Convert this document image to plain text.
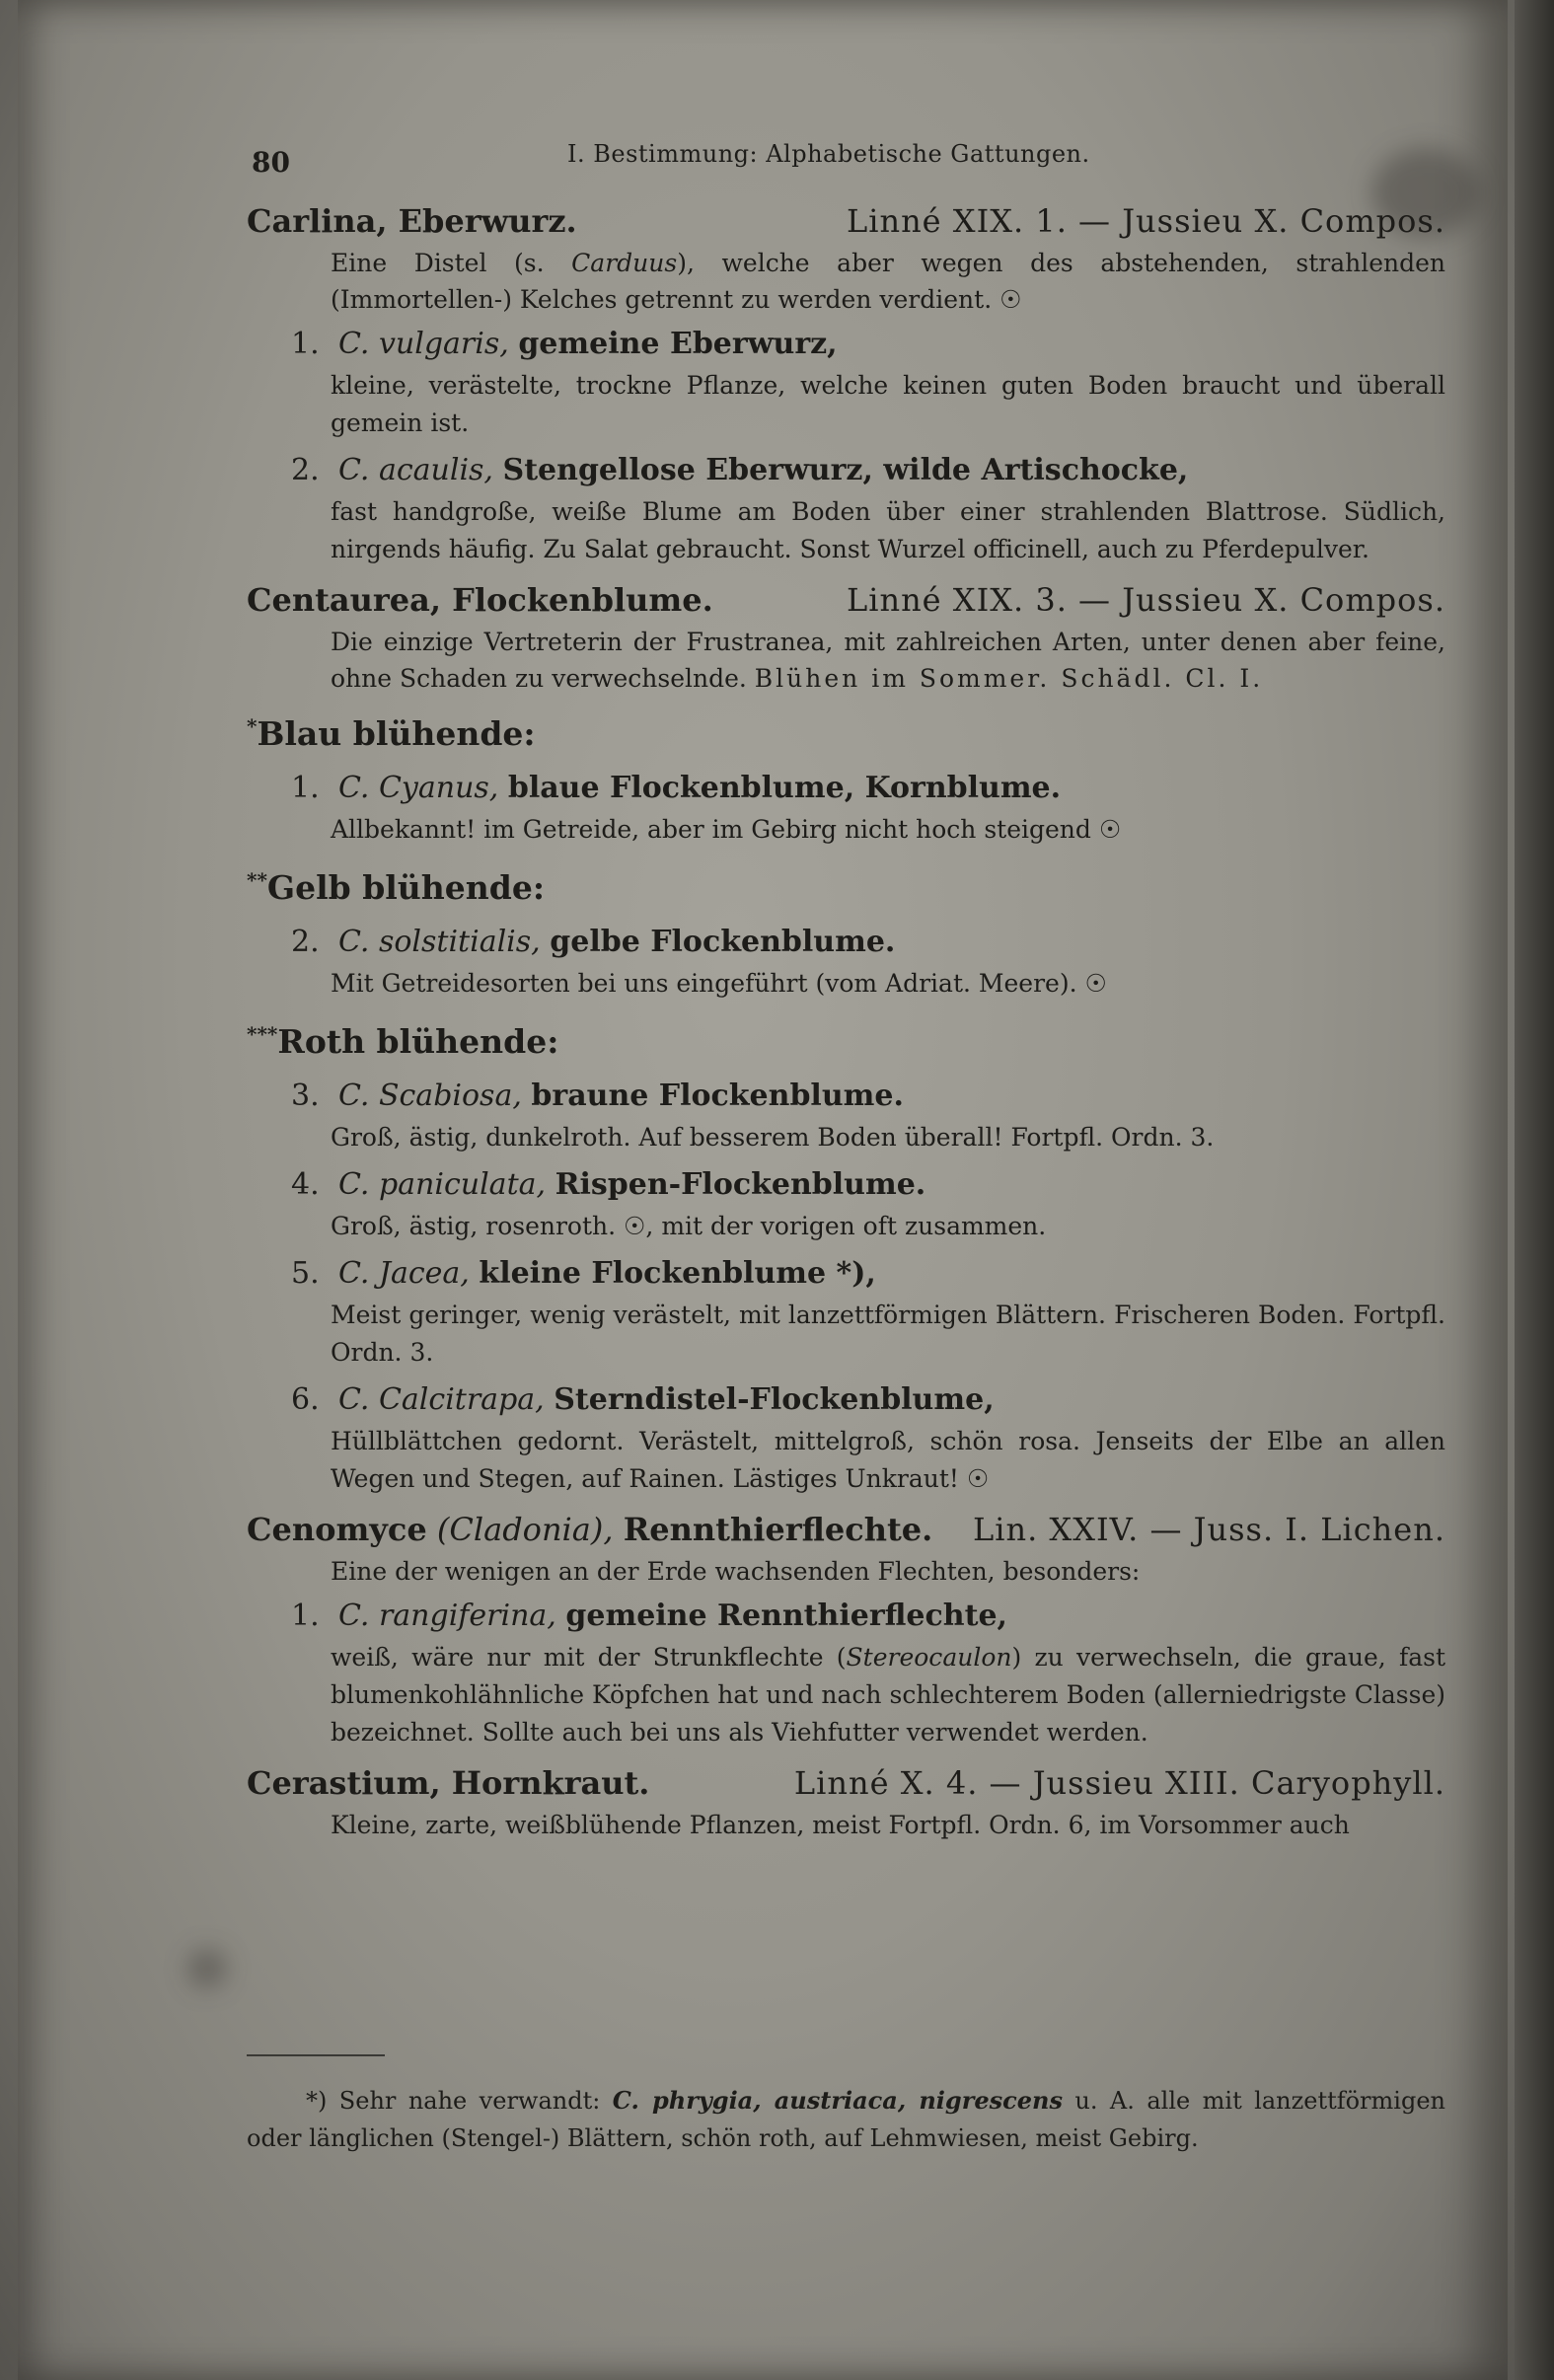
80	I. Bestimmung: Alphabetische Gattungen.

Carlina, Eberwurz.	Linné XIX. 1. — Jussieu X. Compos.

Eine Distel (s. Carduus), welche aber wegen des abstehenden, strahlenden (Immortellen-) Kelches getrennt zu werden verdient. ☉

1. C. vulgaris, gemeine Eberwurz,

kleine, verästelte, trockne Pflanze, welche keinen guten Boden braucht und überall gemein ist.

2. C. acaulis, Stengellose Eberwurz, wilde Artischocke,

fast handgroße, weiße Blume am Boden über einer strahlenden Blattrose. Südlich, nirgends häufig. Zu Salat gebraucht. Sonst Wurzel officinell, auch zu Pferdepulver.

Centaurea, Flockenblume.	Linné XIX. 3. — Jussieu X. Compos.

Die einzige Vertreterin der Frustranea, mit zahlreichen Arten, unter denen aber feine, ohne Schaden zu verwechselnde. Blühen im Sommer. Schädl. Cl. I.

*Blau blühende:

1. C. Cyanus, blaue Flockenblume, Kornblume.

Allbekannt! im Getreide, aber im Gebirg nicht hoch steigend ☉

**Gelb blühende:

2. C. solstitialis, gelbe Flockenblume.

Mit Getreidesorten bei uns eingeführt (vom Adriat. Meere). ☉

***Roth blühende:

3. C. Scabiosa, braune Flockenblume.

Groß, ästig, dunkelroth. Auf besserem Boden überall! Fortpfl. Ordn. 3.

4. C. paniculata, Rispen-Flockenblume.

Groß, ästig, rosenroth. ☉, mit der vorigen oft zusammen.

5. C. Jacea, kleine Flockenblume *),

Meist geringer, wenig verästelt, mit lanzettförmigen Blättern. Frischeren Boden. Fortpfl. Ordn. 3.

6. C. Calcitrapa, Sterndistel-Flockenblume,

Hüllblättchen gedornt. Verästelt, mittelgroß, schön rosa. Jenseits der Elbe an allen Wegen und Stegen, auf Rainen. Lästiges Unkraut! ☉

Cenomyce (Cladonia), Rennthierflechte. Lin. XXIV. — Juss. I. Lichen.

Eine der wenigen an der Erde wachsenden Flechten, besonders:

1. C. rangiferina, gemeine Rennthierflechte,

weiß, wäre nur mit der Strunkflechte (Stereocaulon) zu verwechseln, die graue, fast blumenkohlähnliche Köpfchen hat und nach schlechterem Boden (allerniedrigste Classe) bezeichnet. Sollte auch bei uns als Viehfutter verwendet werden.

Cerastium, Hornkraut.	Linné X. 4. — Jussieu XIII. Caryophyll.

Kleine, zarte, weißblühende Pflanzen, meist Fortpfl. Ordn. 6, im Vorsommer auch

*) Sehr nahe verwandt: C. phrygia, austriaca, nigrescens u. A. alle mit lanzettförmigen oder länglichen (Stengel-) Blättern, schön roth, auf Lehmwiesen, meist Gebirg.
